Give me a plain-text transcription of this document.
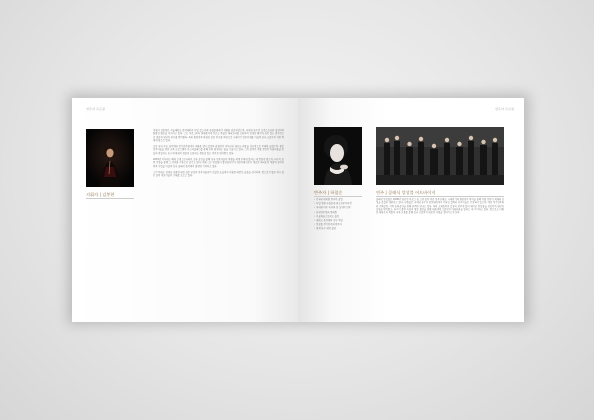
연주자 프로필
지휘자 | 김봉현

지휘자 김봉현은 서울대학교 음악대학과 독일 칼스루에 국립음대에서 지휘를 전공하였으며, 국내외 유수의 오케스트라와 협연하며 활발한 활동을 이어가고 있다. 그는 바로크부터 현대음악에 이르는 폭넓은 레퍼토리를 소화하며 섬세한 해석과 깊이 있는 음악성으로 청중과 평단의 찬사를 받아왔다. 특히 원전연주에 대한 깊은 연구를 바탕으로 시대악기 연주단체를 이끌며 한국 고음악의 저변 확대에 힘쓰고 있다.

또한 국내 주요 음악제와 정기연주회에서 지휘를 맡아 합창과 관현악이 어우러진 대규모 작품을 성공적으로 무대에 올렸으며, 젊은 연주자들을 위한 교육 프로그램과 마스터클래스를 통해 후학 양성에도 힘을 기울이고 있다. 그의 음악은 작품 본연의 아름다움을 충실히 전달하는 동시에 현대의 청중과 소통하는 생동감 있는 연주로 평가받고 있다.

2019년 이후에는 해외 오케스트라와의 교류 공연을 통해 한국 연주자들의 역량을 세계 무대에 알리는 데 앞장서 왔으며, 다수의 음반 작업을 통해 그 성과를 기록으로 남기고 있다. 현재 그는 앙상블의 음악감독이자 상임지휘자로서 새로운 레퍼토리 개발과 창작곡 위촉 사업을 이끌며 한국 클래식 음악계의 발전에 기여하고 있다.

그의 무대는 언제나 작품에 대한 깊은 존중과 연주자들과의 긴밀한 호흡에서 비롯된 따뜻한 울림을 선사하며, 앞으로의 활동 역시 많은 음악 애호가들의 기대를 모으고 있다.

연주자 프로필
반주자 | 하철순
• 단국대 대학원 반주과 졸업
• 독일 뮌헨 국립음대 최고연주자과정
• 국내외 다수 독주회 및 실내악 연주
• 한국반주협회 정회원
• 서울예술고등학교 출강
• 대학교 음악대학 강사 역임
• 앙상블 정기연주회 반주자
• 현재 다수 대학 출강
연주 | 클래식 앙상블 어드바이저

클래식 앙상블은 2008년 창단된 바로크 및 고전 음악 전문 연주단체로, 시대악기와 원전연주 방식을 통해 작품 본연의 색채와 감성을 충실히 재현하고 있다. 단원들은 국내외 유수의 음악대학에서 수학한 실력파 연주자들로 구성되어 있으며, 매년 정기연주회와 기획공연, 지역 순회공연을 통해 관객과 만나고 있다. 특히 교회음악과 합창곡 연주에 있어 뛰어난 앙상블을 선보이며 평단의 호평을 받아왔고, 다수의 음반 녹음과 방송 출연을 통해 대중에게 고음악의 아름다움을 알리는 데 기여하고 있다. 앞으로도 다양한 레퍼토리 개발과 국제 교류를 통해 한국 고음악의 새로운 지평을 열어가고자 한다.
